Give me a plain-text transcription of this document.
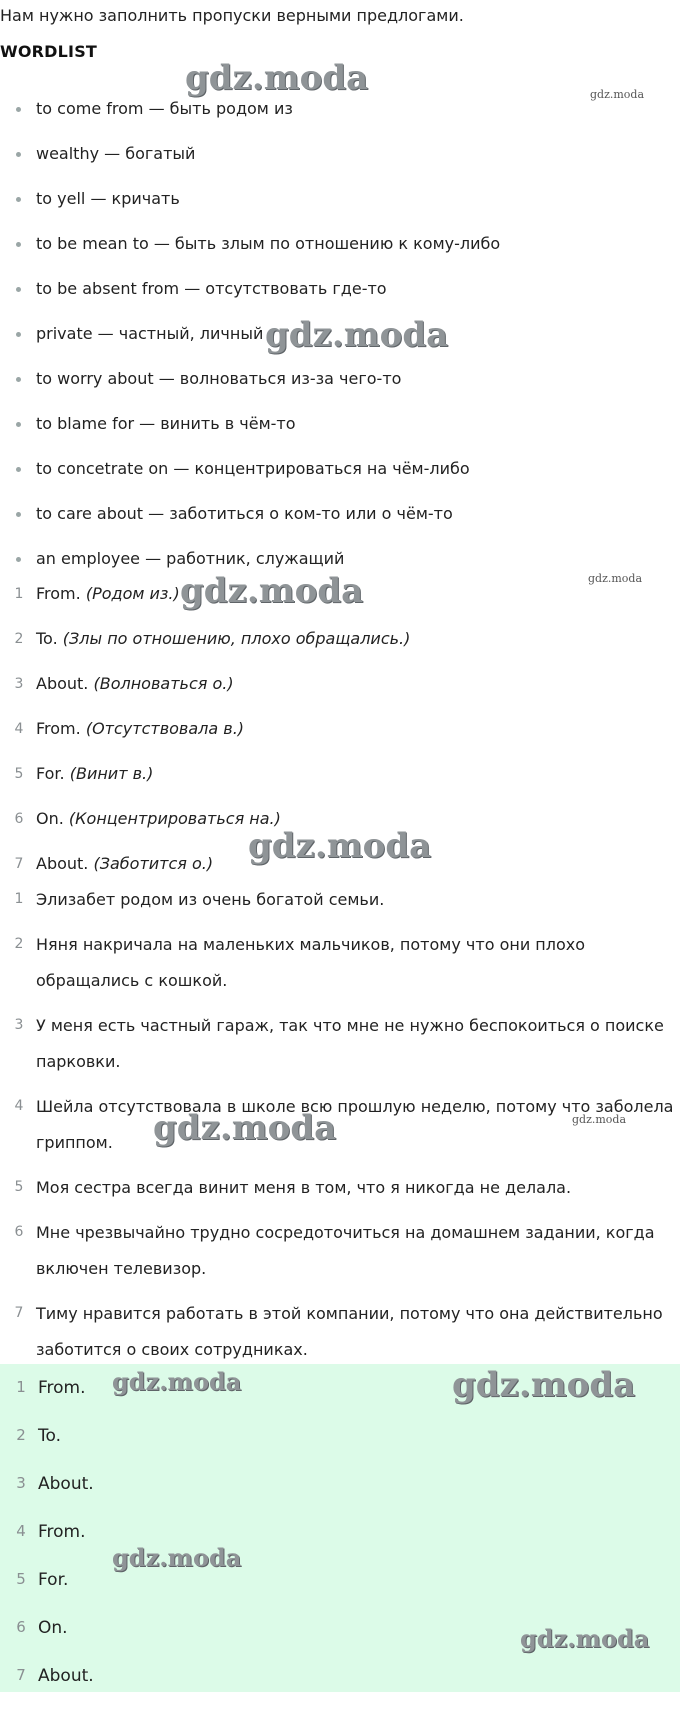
Нам нужно заполнить пропуски верными предлогами.
WORDLIST
to come from — быть родом из
wealthy — богатый
to yell — кричать
to be mean to — быть злым по отношению к кому-либо
to be absent from — отсутствовать где-то
private — частный, личный
to worry about — волноваться из-за чего-то
to blame for — винить в чём-то
to concetrate on — концентрироваться на чём-либо
to care about — заботиться о ком-то или о чём-то
an employee — работник, служащий
1 From. (Родом из.)
2 To. (Злы по отношению, плохо обращались.)
3 About. (Волноваться о.)
4 From. (Отсутствовала в.)
5 For. (Винит в.)
6 On. (Концентрироваться на.)
7 About. (Заботится о.)
1 Элизабет родом из очень богатой семьи.
2 Няня накричала на маленьких мальчиков, потому что они плохо
обращались с кошкой.
3 У меня есть частный гараж, так что мне не нужно беспокоиться о поиске
парковки.
4 Шейла отсутствовала в школе всю прошлую неделю, потому что заболела
гриппом.
5 Моя сестра всегда винит меня в том, что я никогда не делала.
6 Мне чрезвычайно трудно сосредоточиться на домашнем задании, когда
включен телевизор.
7 Тиму нравится работать в этой компании, потому что она действительно
заботится о своих сотрудниках.
1 From.
2 To.
3 About.
4 From.
5 For.
6 On.
7 About.
gdz.moda	gdz.moda
gdz.moda
gdz.moda
gdz.moda
gdz.moda
gdz.moda	gdz.moda
gdz.moda	gdz.moda
gdz.moda
gdz.moda
